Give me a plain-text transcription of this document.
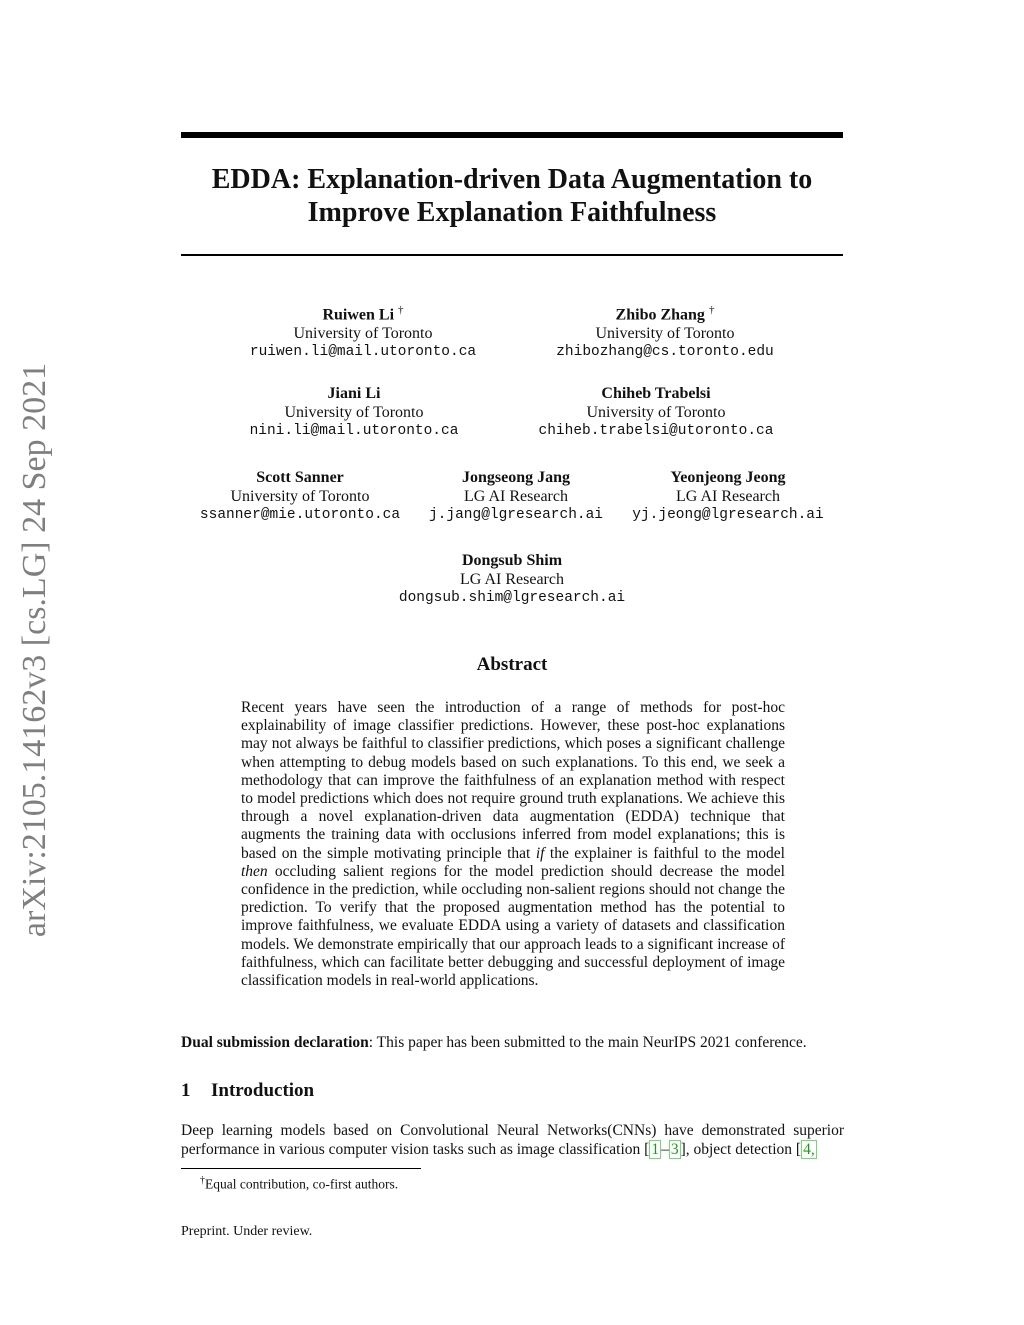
arXiv:2105.14162v3 [cs.LG] 24 Sep 2021
EDDA: Explanation-driven Data Augmentation to
Improve Explanation Faithfulness
Ruiwen Li †
University of Toronto
ruiwen.li@mail.utoronto.ca
Zhibo Zhang †
University of Toronto
zhibozhang@cs.toronto.edu
Jiani Li
University of Toronto
nini.li@mail.utoronto.ca
Chiheb Trabelsi
University of Toronto
chiheb.trabelsi@utoronto.ca
Scott Sanner
University of Toronto
ssanner@mie.utoronto.ca
Jongseong Jang
LG AI Research
j.jang@lgresearch.ai
Yeonjeong Jeong
LG AI Research
yj.jeong@lgresearch.ai
Dongsub Shim
LG AI Research
dongsub.shim@lgresearch.ai
Abstract
Recent years have seen the introduction of a range of methods for post-hoc explainability of image classifier predictions. However, these post-hoc explanations may not always be faithful to classifier predictions, which poses a significant challenge when attempting to debug models based on such explanations. To this end, we seek a methodology that can improve the faithfulness of an explanation method with respect to model predictions which does not require ground truth explanations. We achieve this through a novel explanation-driven data augmentation (EDDA) technique that augments the training data with occlusions inferred from model explanations; this is based on the simple motivating principle that if the explainer is faithful to the model then occluding salient regions for the model prediction should decrease the model confidence in the prediction, while occluding non-salient regions should not change the prediction. To verify that the proposed augmentation method has the potential to improve faithfulness, we evaluate EDDA using a variety of datasets and classification models. We demonstrate empirically that our approach leads to a significant increase of faithfulness, which can facilitate better debugging and successful deployment of image classification models in real-world applications.
Dual submission declaration: This paper has been submitted to the main NeurIPS 2021 conference.
1 Introduction
Deep learning models based on Convolutional Neural Networks(CNNs) have demonstrated superior performance in various computer vision tasks such as image classification [ 1 – 3 ], object detection [ 4,
†Equal contribution, co-first authors.
Preprint. Under review.
